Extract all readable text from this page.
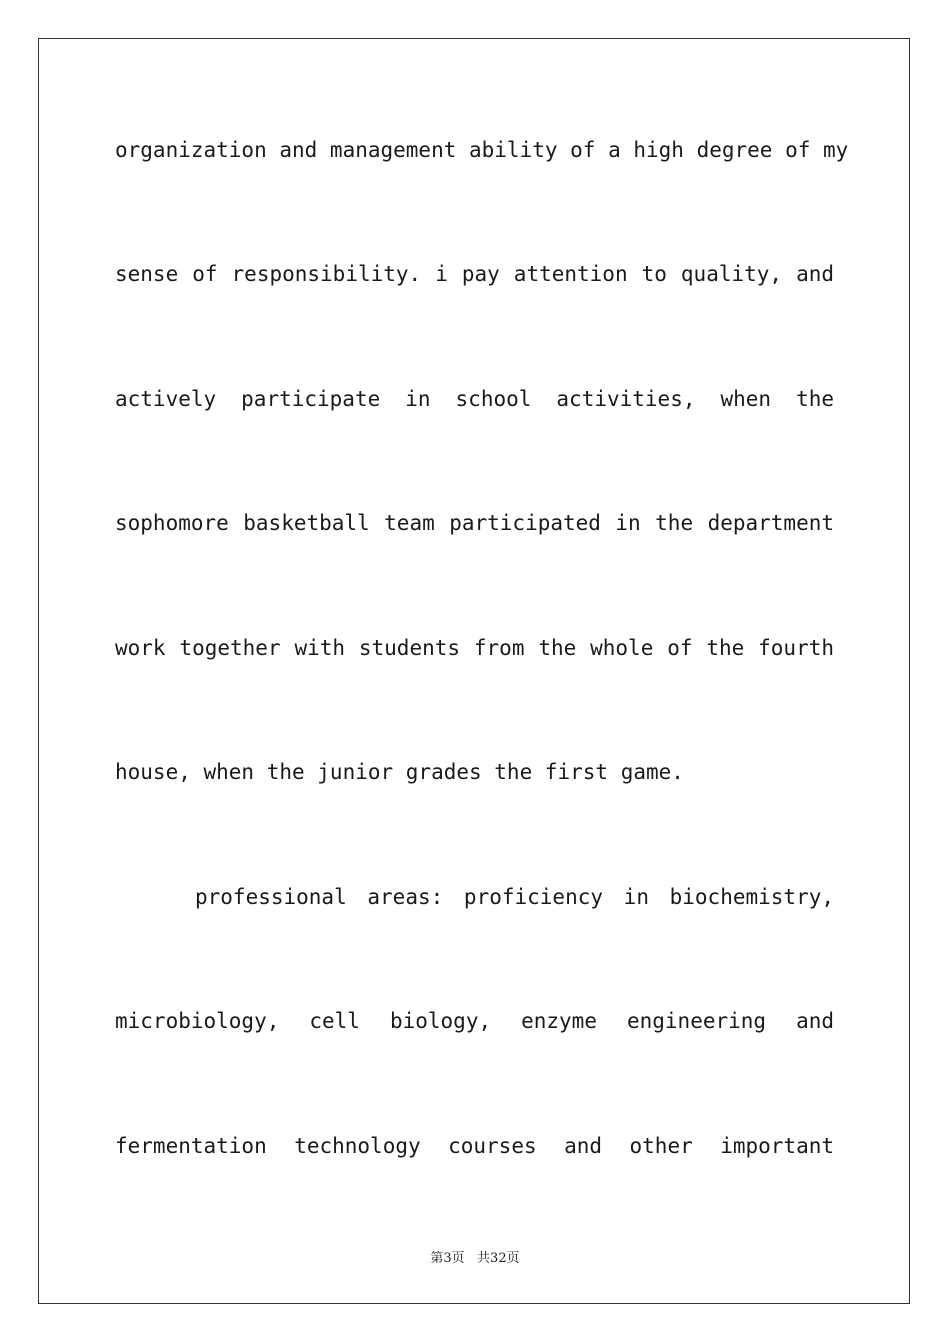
organization and management ability of a high degree of my
sense of responsibility. i pay attention to quality, and
actively participate in school activities, when the
sophomore basketball team participated in the department
work together with students from the whole of the fourth
house, when the junior grades the first game.
professional areas: proficiency in biochemistry,
microbiology, cell biology, enzyme engineering and
fermentation technology courses and other important
第3页   共32页
